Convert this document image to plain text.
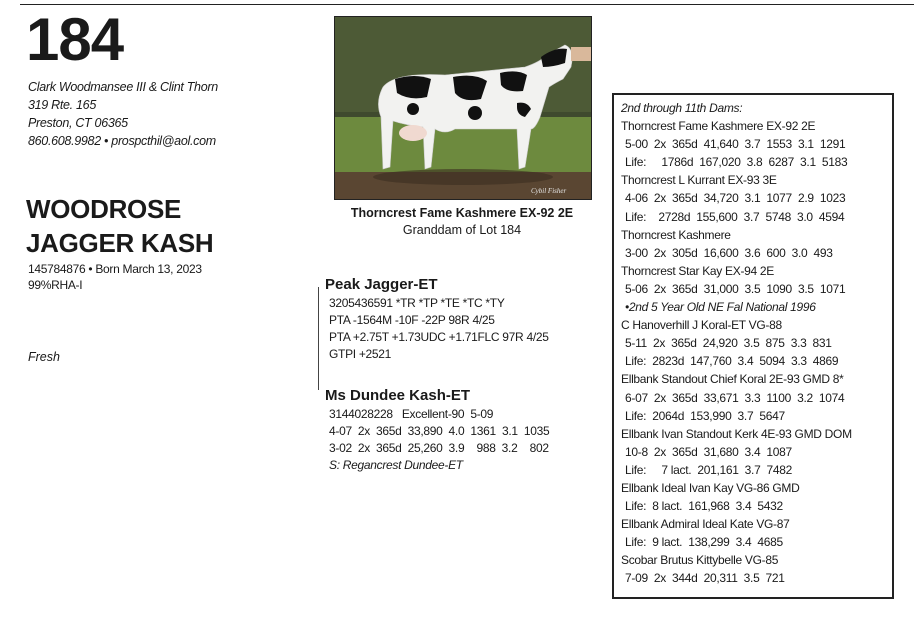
184
Clark Woodmansee III & Clint Thorn
319 Rte. 165
Preston, CT 06365
860.608.9982 • prospcthil@aol.com
WOODROSE
JAGGER KASH
145784876 • Born March 13, 2023
99%RHA-I
Fresh
Cybil Fisher
Thorncrest Fame Kashmere EX-92 2E
Granddam of Lot 184
Peak Jagger-ET
3205436591 *TR *TP *TE *TC *TY
PTA -1564M -10F -22P 98R 4/25
PTA +2.75T +1.73UDC +1.71FLC 97R 4/25
GTPI +2521
Ms Dundee Kash-ET
3144028228   Excellent-90  5-09
4-07  2x  365d  33,890  4.0  1361  3.1  1035
3-02  2x  365d  25,260  3.9    988  3.2    802
S: Regancrest Dundee-ET
2nd through 11th Dams:
Thorncrest Fame Kashmere EX-92 2E
5-00  2x  365d  41,640  3.7  1553  3.1  1291
Life:     1786d  167,020  3.8  6287  3.1  5183
Thorncrest L Kurrant EX-93 3E
4-06  2x  365d  34,720  3.1  1077  2.9  1023
Life:    2728d  155,600  3.7  5748  3.0  4594
Thorncrest Kashmere
3-00  2x  305d  16,600  3.6  600  3.0  493
Thorncrest Star Kay EX-94 2E
5-06  2x  365d  31,000  3.5  1090  3.5  1071
•2nd 5 Year Old NE Fal National 1996
C Hanoverhill J Koral-ET VG-88
5-11  2x  365d  24,920  3.5  875  3.3  831
Life:  2823d  147,760  3.4  5094  3.3  4869
Ellbank Standout Chief Koral 2E-93 GMD 8*
6-07  2x  365d  33,671  3.3  1100  3.2  1074
Life:  2064d  153,990  3.7  5647
Ellbank Ivan Standout Kerk 4E-93 GMD DOM
10-8  2x  365d  31,680  3.4  1087
Life:     7 lact.  201,161  3.7  7482
Ellbank Ideal Ivan Kay VG-86 GMD
Life:  8 lact.  161,968  3.4  5432
Ellbank Admiral Ideal Kate VG-87
Life:  9 lact.  138,299  3.4  4685
Scobar Brutus Kittybelle VG-85
7-09  2x  344d  20,311  3.5  721
